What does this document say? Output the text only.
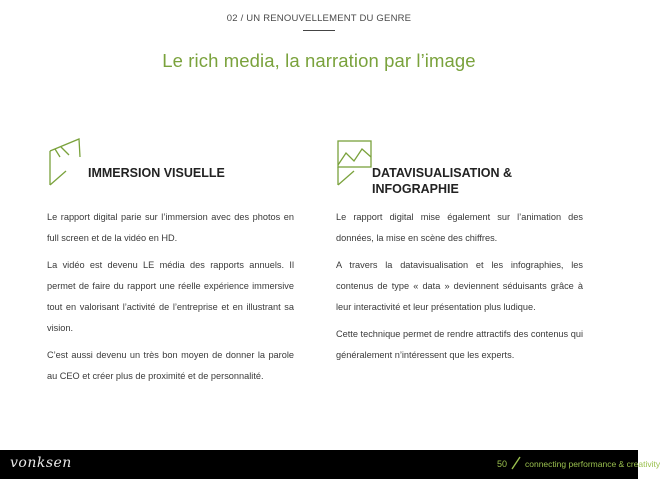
02 / UN RENOUVELLEMENT DU GENRE
Le rich media, la narration par l’image
IMMERSION VISUELLE	DATAVISUALISATION &
INFOGRAPHIE

Le rapport digital parie sur l’immersion avec des photos en full screen et de la vidéo en HD.

La vidéo est devenu LE média des rapports annuels. Il permet de faire du rapport une réelle expérience immersive tout en valorisant l’activité de l’entreprise et en illustrant sa vision.

C’est aussi devenu un très bon moyen de donner la parole au CEO et créer plus de proximité et de personnalité.

Le rapport digital mise également sur l’animation des données, la mise en scène des chiffres.

A travers la datavisualisation et les infographies, les contenus de type « data » deviennent séduisants grâce à leur interactivité et leur présentation plus ludique.

Cette technique permet de rendre attractifs des contenus qui généralement n’intéressent que les experts.

vonksen	50 connecting performance & creativity
